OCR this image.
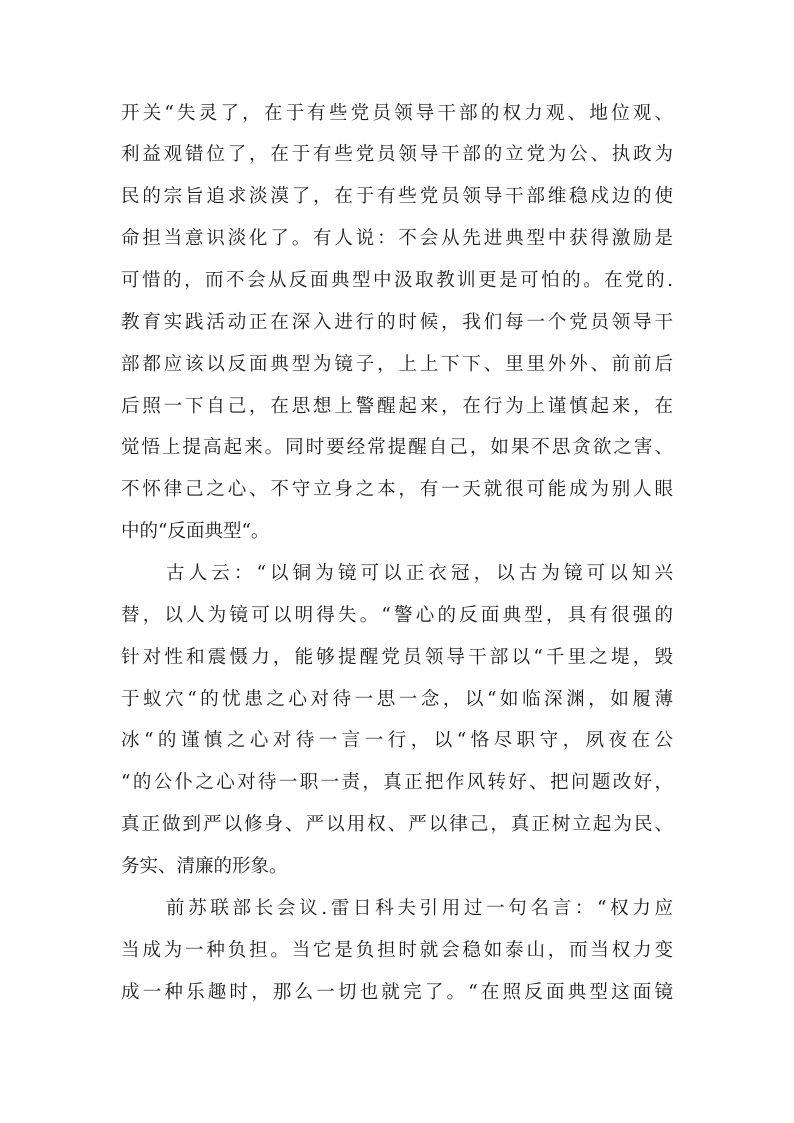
开关“失灵了，在于有些党员领导干部的权力观、地位观、
利益观错位了，在于有些党员领导干部的立党为公、执政为
民的宗旨追求淡漠了，在于有些党员领导干部维稳戍边的使
命担当意识淡化了。有人说：不会从先进典型中获得激励是
可惜的，而不会从反面典型中汲取教训更是可怕的。在党的.
教育实践活动正在深入进行的时候，我们每一个党员领导干
部都应该以反面典型为镜子，上上下下、里里外外、前前后
后照一下自己，在思想上警醒起来，在行为上谨慎起来，在
觉悟上提高起来。同时要经常提醒自己，如果不思贪欲之害、
不怀律己之心、不守立身之本，有一天就很可能成为别人眼
中的“反面典型“。
古人云：“以铜为镜可以正衣冠，以古为镜可以知兴
替，以人为镜可以明得失。“警心的反面典型，具有很强的
针对性和震慑力，能够提醒党员领导干部以“千里之堤，毁
于蚁穴“的忧患之心对待一思一念，以“如临深渊，如履薄
冰“的谨慎之心对待一言一行，以“恪尽职守，夙夜在公
“的公仆之心对待一职一责，真正把作风转好、把问题改好，
真正做到严以修身、严以用权、严以律己，真正树立起为民、
务实、清廉的形象。
前苏联部长会议.雷日科夫引用过一句名言：“权力应
当成为一种负担。当它是负担时就会稳如泰山，而当权力变
成一种乐趣时，那么一切也就完了。“在照反面典型这面镜
